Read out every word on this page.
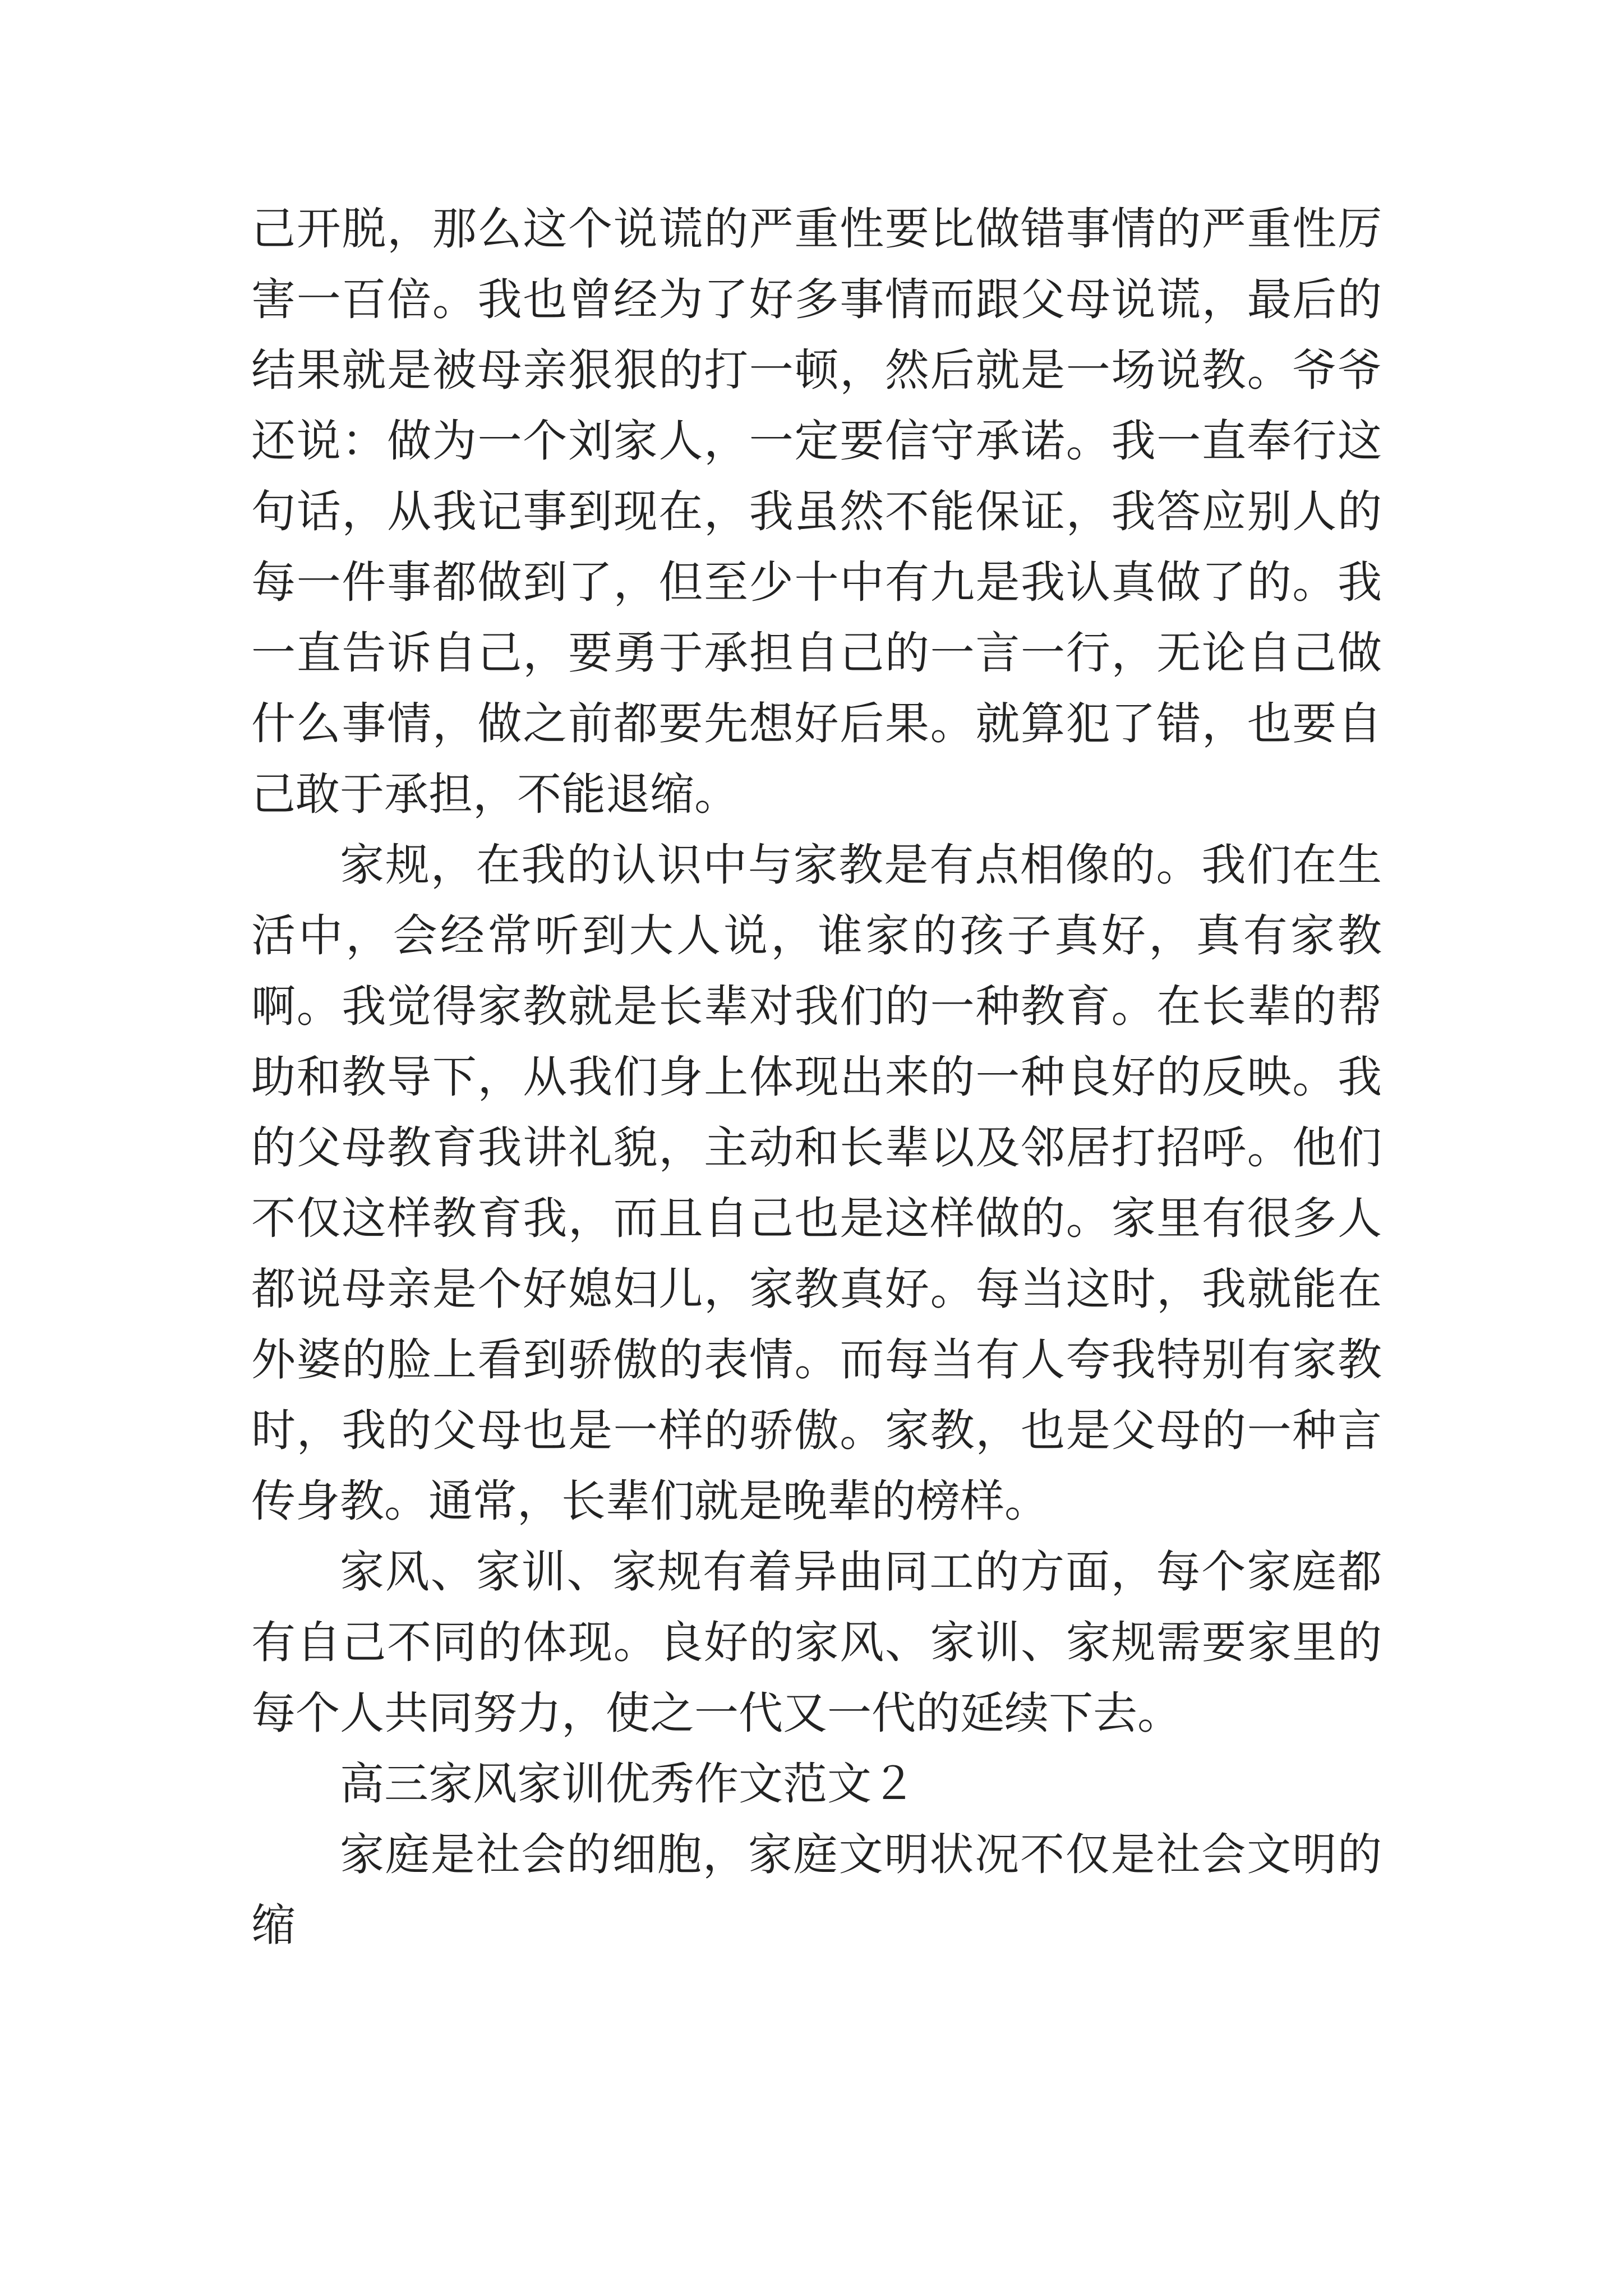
己开脱，那么这个说谎的严重性要比做错事情的严重性厉害一百倍。我也曾经为了好多事情而跟父母说谎，最后的结果就是被母亲狠狠的打一顿，然后就是一场说教。爷爷还说：做为一个刘家人，一定要信守承诺。我一直奉行这句话，从我记事到现在，我虽然不能保证，我答应别人的每一件事都做到了，但至少十中有九是我认真做了的。我一直告诉自己，要勇于承担自己的一言一行，无论自己做什么事情，做之前都要先想好后果。就算犯了错，也要自己敢于承担，不能退缩。

家规，在我的认识中与家教是有点相像的。我们在生活中，会经常听到大人说，谁家的孩子真好，真有家教啊。我觉得家教就是长辈对我们的一种教育。在长辈的帮助和教导下，从我们身上体现出来的一种良好的反映。我的父母教育我讲礼貌，主动和长辈以及邻居打招呼。他们不仅这样教育我，而且自己也是这样做的。家里有很多人都说母亲是个好媳妇儿，家教真好。每当这时，我就能在外婆的脸上看到骄傲的表情。而每当有人夸我特别有家教时，我的父母也是一样的骄傲。家教，也是父母的一种言传身教。通常，长辈们就是晚辈的榜样。

家风、家训、家规有着异曲同工的方面，每个家庭都有自己不同的体现。良好的家风、家训、家规需要家里的每个人共同努力，使之一代又一代的延续下去。

高三家风家训优秀作文范文２

家庭是社会的细胞，家庭文明状况不仅是社会文明的缩
